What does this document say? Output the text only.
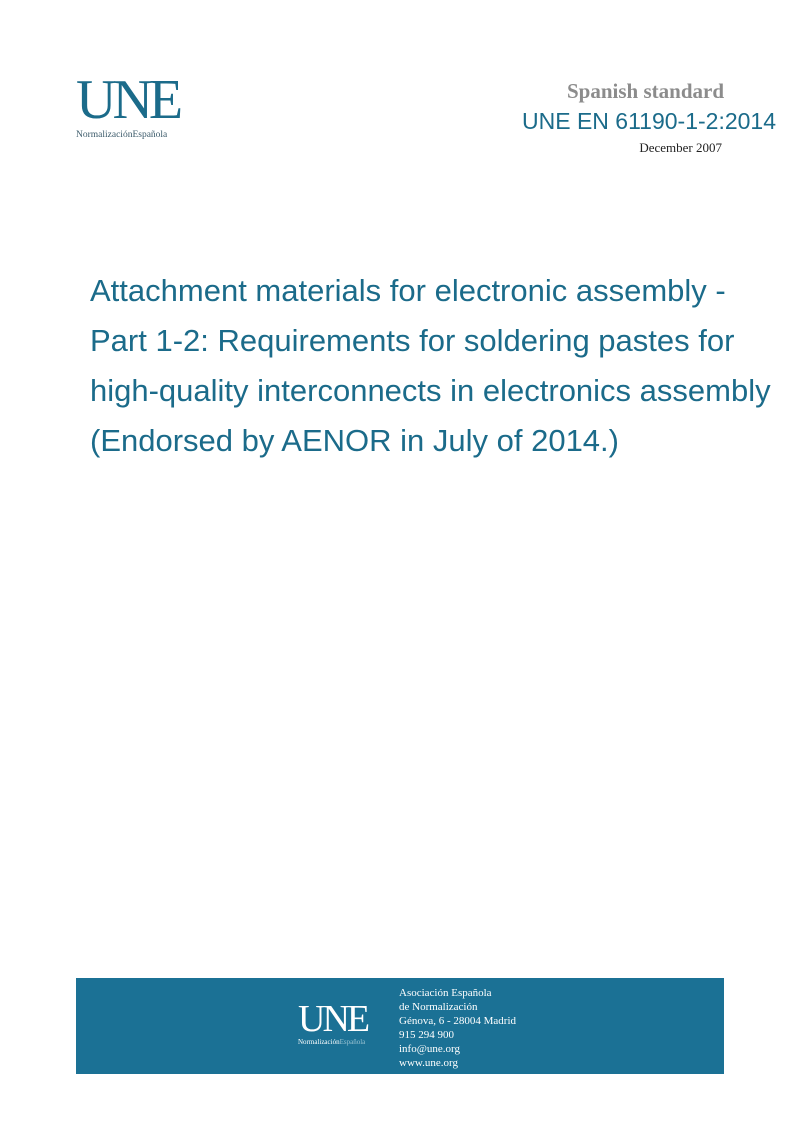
UNE
NormalizaciónEspañola
Spanish standard
UNE EN 61190-1-2:2014
December 2007
Attachment materials for electronic assembly -
Part 1-2: Requirements for soldering pastes for
high-quality interconnects in electronics assembly
(Endorsed by AENOR in July of 2014.)
UNE
NormalizaciónEspañola
Asociación Española
de Normalización
Génova, 6 - 28004 Madrid
915 294 900
info@une.org
www.une.org
